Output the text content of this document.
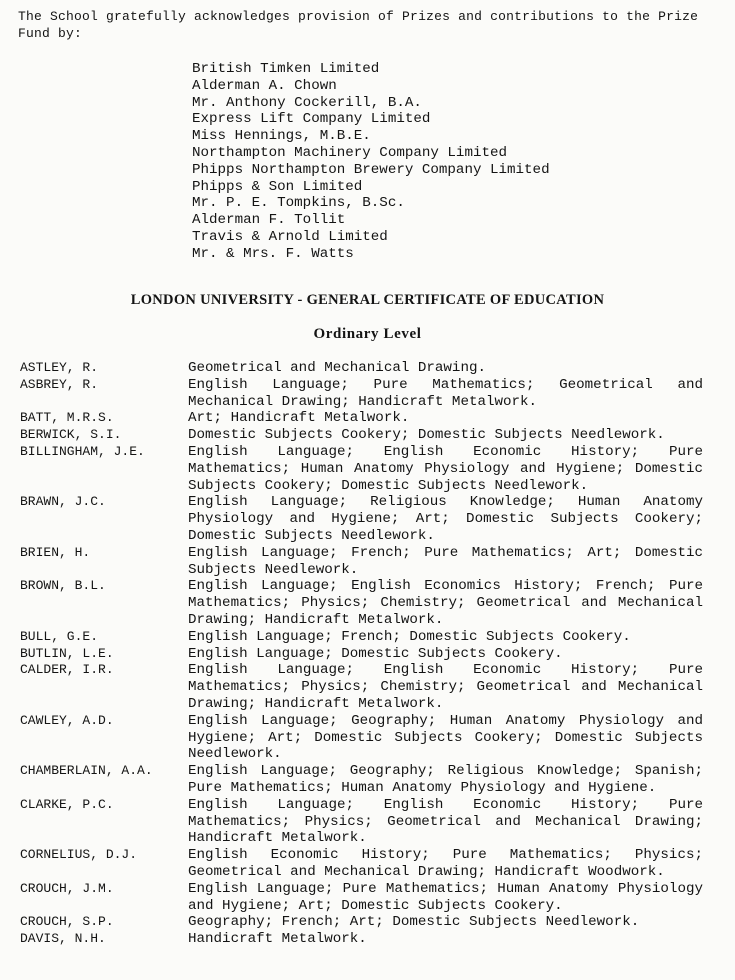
The School gratefully acknowledges provision of Prizes and contributions to the Prize Fund by:
British Timken Limited
Alderman A. Chown
Mr. Anthony Cockerill, B.A.
Express Lift Company Limited
Miss Hennings, M.B.E.
Northampton Machinery Company Limited
Phipps Northampton Brewery Company Limited
Phipps & Son Limited
Mr. P. E. Tompkins, B.Sc.
Alderman F. Tollit
Travis & Arnold Limited
Mr. & Mrs. F. Watts
LONDON UNIVERSITY - GENERAL CERTIFICATE OF EDUCATION
Ordinary Level
ASTLEY, R.	Geometrical and Mechanical Drawing.
ASBREY, R.	English Language; Pure Mathematics; Geometrical and Mechanical Drawing; Handicraft Metalwork.
BATT, M.R.S.	Art; Handicraft Metalwork.
BERWICK, S.I.	Domestic Subjects Cookery; Domestic Subjects Needlework.
BILLINGHAM, J.E.	English Language; English Economic History; Pure Mathematics; Human Anatomy Physiology and Hygiene; Domestic Subjects Cookery; Domestic Subjects Needlework.
BRAWN, J.C.	English Language; Religious Knowledge; Human Anatomy Physiology and Hygiene; Art; Domestic Subjects Cookery; Domestic Subjects Needlework.
BRIEN, H.	English Language; French; Pure Mathematics; Art; Domestic Subjects Needlework.
BROWN, B.L.	English Language; English Economics History; French; Pure Mathematics; Physics; Chemistry; Geometrical and Mechanical Drawing; Handicraft Metalwork.
BULL, G.E.	English Language; French; Domestic Subjects Cookery.
BUTLIN, L.E.	English Language; Domestic Subjects Cookery.
CALDER, I.R.	English Language; English Economic History; Pure Mathematics; Physics; Chemistry; Geometrical and Mechanical Drawing; Handicraft Metalwork.
CAWLEY, A.D.	English Language; Geography; Human Anatomy Physiology and Hygiene; Art; Domestic Subjects Cookery; Domestic Subjects Needlework.
CHAMBERLAIN, A.A. English Language; Geography; Religious Knowledge; Spanish; Pure Mathematics; Human Anatomy Physiology and Hygiene.
CLARKE, P.C.	English Language; English Economic History; Pure Mathematics; Physics; Geometrical and Mechanical Drawing; Handicraft Metalwork.
CORNELIUS, D.J.	English Economic History; Pure Mathematics; Physics; Geometrical and Mechanical Drawing; Handicraft Woodwork.
CROUCH, J.M.	English Language; Pure Mathematics; Human Anatomy Physiology and Hygiene; Art; Domestic Subjects Cookery.
CROUCH, S.P.	Geography; French; Art; Domestic Subjects Needlework.
DAVIS, N.H.	Handicraft Metalwork.
